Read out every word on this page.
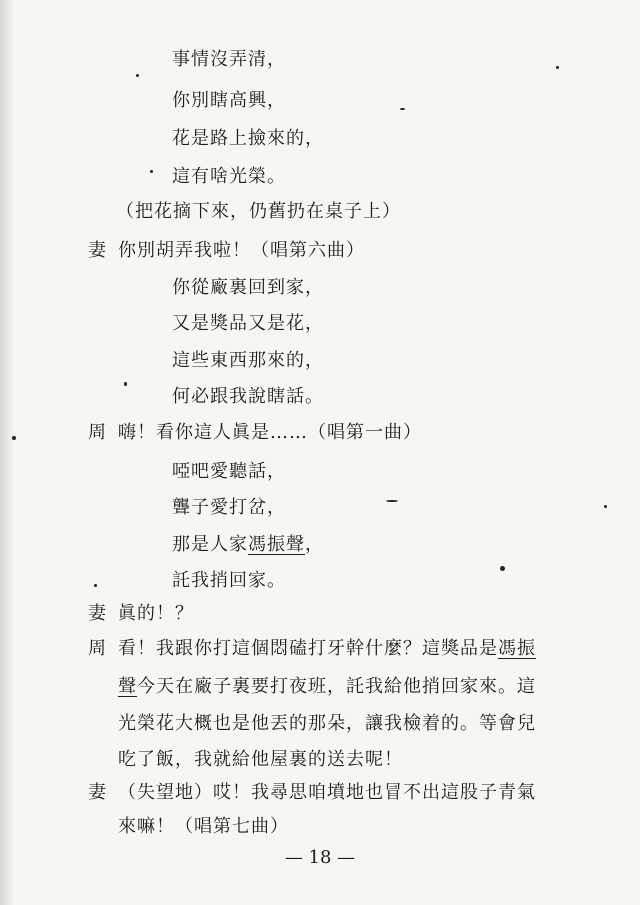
事情沒弄清，
你別瞎高興，
花是路上撿來的，
這有啥光榮。
（把花摘下來，仍舊扔在桌子上）
妻 你別胡弄我啦！（唱第六曲）
你從廠裏回到家，
又是獎品又是花，
這些東西那來的，
何必跟我說瞎話。
周 嗨！看你這人眞是……（唱第一曲）
啞吧愛聽話，
聾子愛打岔，
那是人家馮振聲，
託我捎回家。
妻 眞的！？
周 看！我跟你打這個悶磕打牙幹什麼？這獎品是馮振
聲今天在廠子裏要打夜班，託我給他捎回家來。這
光榮花大概也是他丟的那朵，讓我檢着的。等會兒
吃了飯，我就給他屋裏的送去呢！
妻 （失望地）哎！我尋思咱墳地也冒不出這股子青氣
來嘛！（唱第七曲）
— 18 —
